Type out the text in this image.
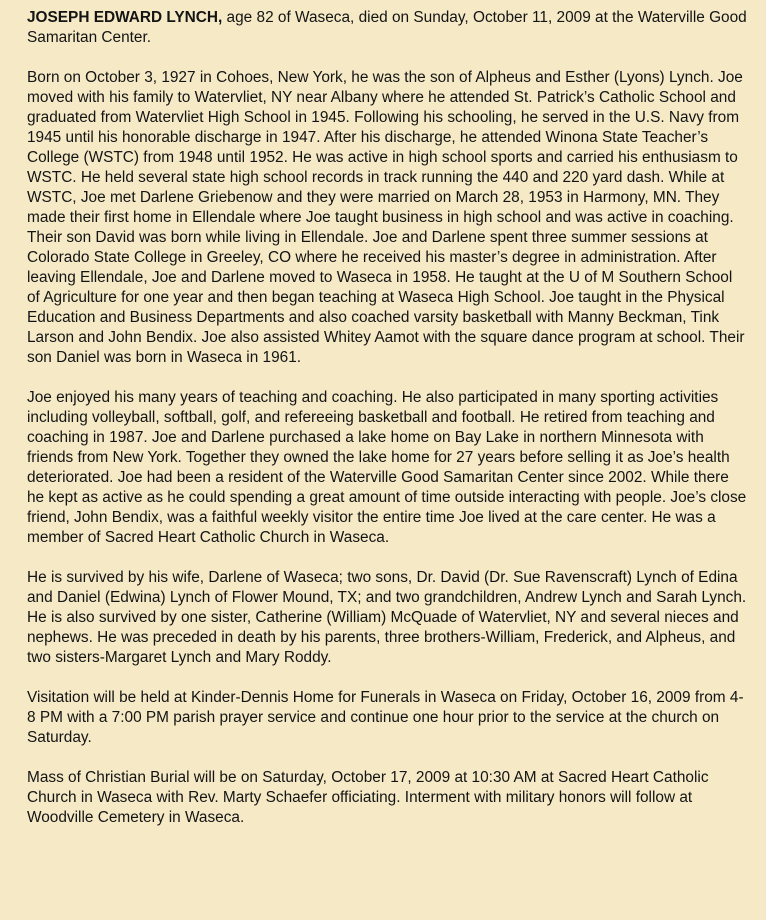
JOSEPH EDWARD LYNCH, age 82 of Waseca, died on Sunday, October 11, 2009 at the Waterville Good Samaritan Center.

Born on October 3, 1927 in Cohoes, New York, he was the son of Alpheus and Esther (Lyons) Lynch. Joe moved with his family to Watervliet, NY near Albany where he attended St. Patrick’s Catholic School and graduated from Watervliet High School in 1945. Following his schooling, he served in the U.S. Navy from 1945 until his honorable discharge in 1947. After his discharge, he attended Winona State Teacher’s College (WSTC) from 1948 until 1952. He was active in high school sports and carried his enthusiasm to WSTC. He held several state high school records in track running the 440 and 220 yard dash. While at WSTC, Joe met Darlene Griebenow and they were married on March 28, 1953 in Harmony, MN. They made their first home in Ellendale where Joe taught business in high school and was active in coaching. Their son David was born while living in Ellendale. Joe and Darlene spent three summer sessions at Colorado State College in Greeley, CO where he received his master’s degree in administration. After leaving Ellendale, Joe and Darlene moved to Waseca in 1958. He taught at the U of M Southern School of Agriculture for one year and then began teaching at Waseca High School. Joe taught in the Physical Education and Business Departments and also coached varsity basketball with Manny Beckman, Tink Larson and John Bendix. Joe also assisted Whitey Aamot with the square dance program at school. Their son Daniel was born in Waseca in 1961.

Joe enjoyed his many years of teaching and coaching. He also participated in many sporting activities including volleyball, softball, golf, and refereeing basketball and football. He retired from teaching and coaching in 1987. Joe and Darlene purchased a lake home on Bay Lake in northern Minnesota with friends from New York. Together they owned the lake home for 27 years before selling it as Joe’s health deteriorated. Joe had been a resident of the Waterville Good Samaritan Center since 2002. While there he kept as active as he could spending a great amount of time outside interacting with people. Joe’s close friend, John Bendix, was a faithful weekly visitor the entire time Joe lived at the care center. He was a member of Sacred Heart Catholic Church in Waseca.

He is survived by his wife, Darlene of Waseca; two sons, Dr. David (Dr. Sue Ravenscraft) Lynch of Edina and Daniel (Edwina) Lynch of Flower Mound, TX; and two grandchildren, Andrew Lynch and Sarah Lynch. He is also survived by one sister, Catherine (William) McQuade of Watervliet, NY and several nieces and nephews. He was preceded in death by his parents, three brothers-William, Frederick, and Alpheus, and two sisters-Margaret Lynch and Mary Roddy.

Visitation will be held at Kinder-Dennis Home for Funerals in Waseca on Friday, October 16, 2009 from 4-8 PM with a 7:00 PM parish prayer service and continue one hour prior to the service at the church on Saturday.

Mass of Christian Burial will be on Saturday, October 17, 2009 at 10:30 AM at Sacred Heart Catholic Church in Waseca with Rev. Marty Schaefer officiating. Interment with military honors will follow at Woodville Cemetery in Waseca.
